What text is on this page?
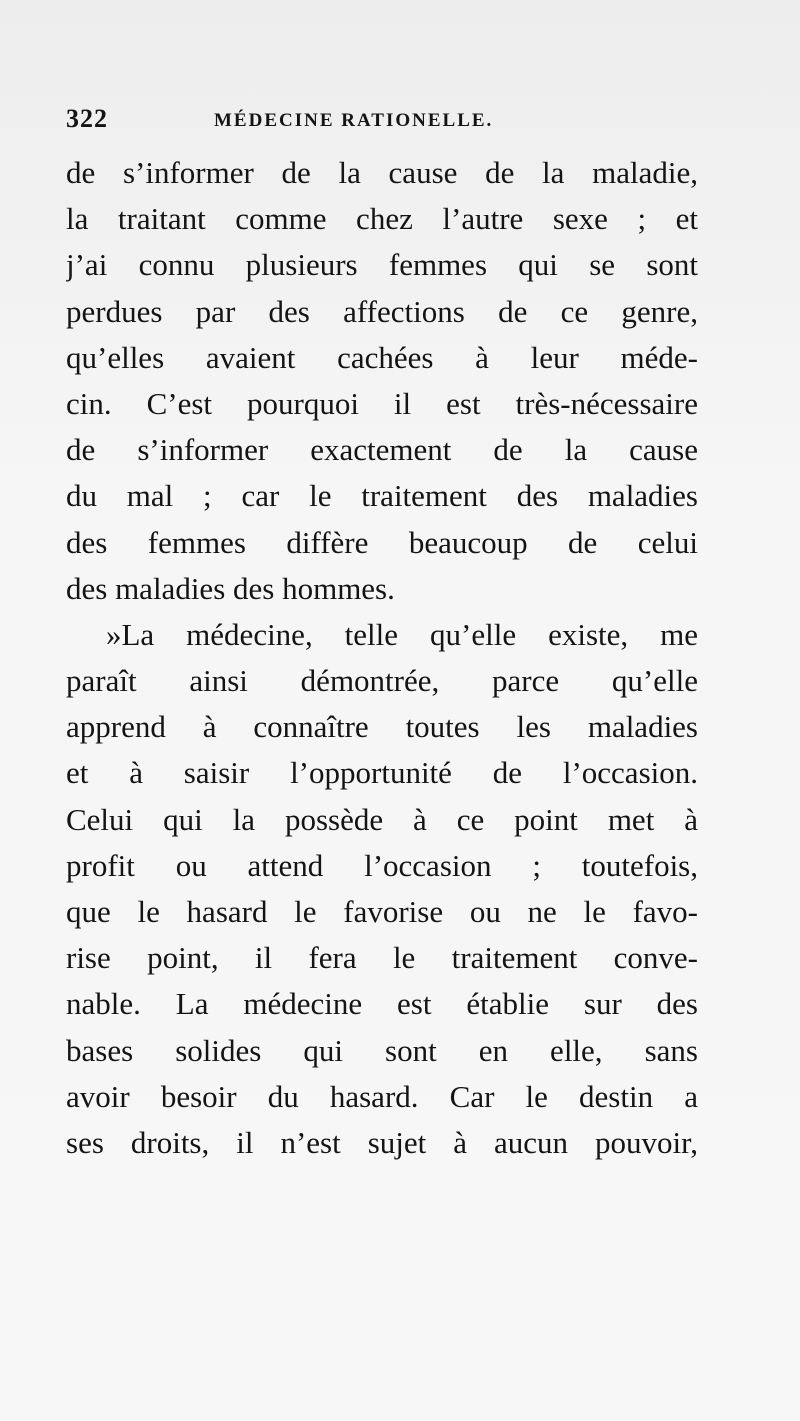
322	MÉDECINE RATIONELLE.
de s’informer de la cause de la maladie,
la traitant comme chez l’autre sexe ; et
j’ai connu plusieurs femmes qui se sont
perdues par des affections de ce genre,
qu’elles avaient cachées à leur méde-
cin. C’est pourquoi il est très-nécessaire
de s’informer exactement de la cause
du mal ; car le traitement des maladies
des femmes diffère beaucoup de celui
des maladies des hommes.
»La médecine, telle qu’elle existe, me
paraît ainsi démontrée, parce qu’elle
apprend à connaître toutes les maladies
et à saisir l’opportunité de l’occasion.
Celui qui la possède à ce point met à
profit ou attend l’occasion ; toutefois,
que le hasard le favorise ou ne le favo-
rise point, il fera le traitement conve-
nable. La médecine est établie sur des
bases solides qui sont en elle, sans
avoir besoir du hasard. Car le destin a
ses droits, il n’est sujet à aucun pouvoir,
